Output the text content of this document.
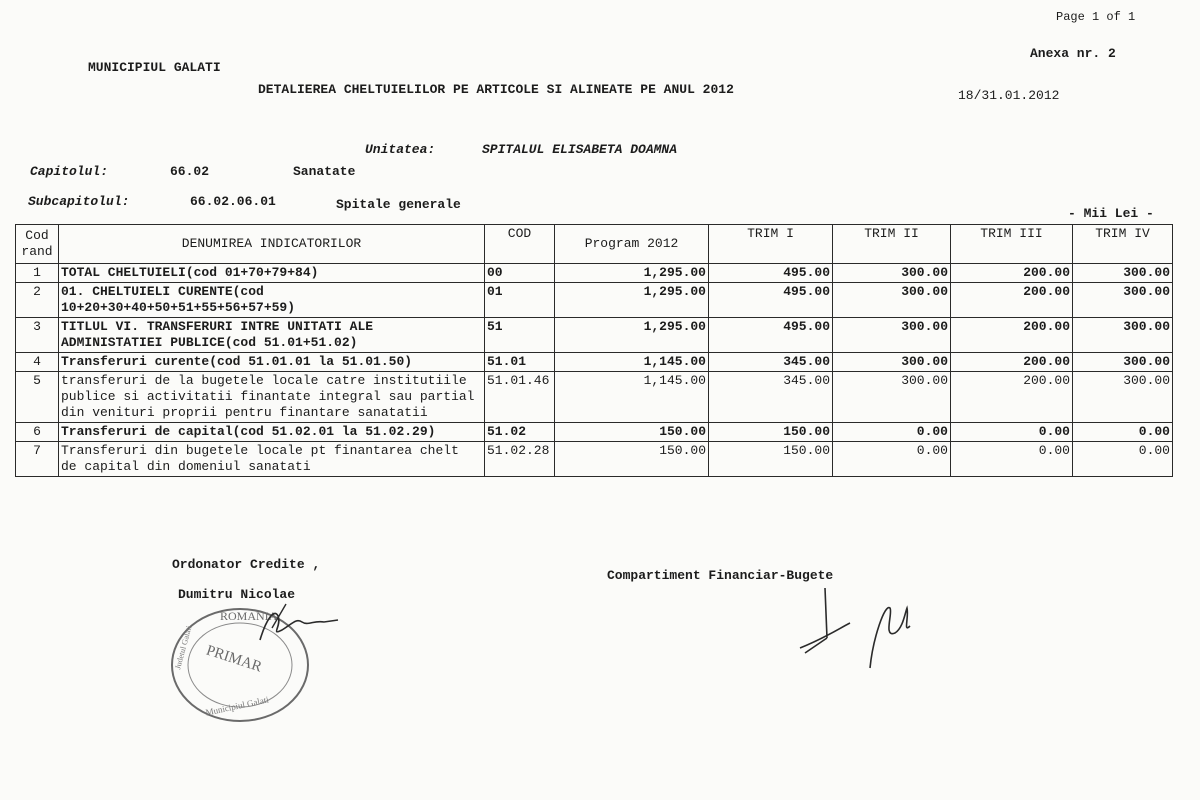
Page 1 of 1
Anexa nr. 2
MUNICIPIUL GALATI
DETALIEREA CHELTUIELILOR PE ARTICOLE SI ALINEATE PE ANUL 2012	18/31.01.2012
Unitatea:	SPITALUL ELISABETA DOAMNA
Capitolul:	66.02	Sanatate
Subcapitolul:	66.02.06.01	Spitale generale
- Mii Lei -
Cod rand	DENUMIREA INDICATORILOR	COD	Program 2012	TRIM I	TRIM II	TRIM III	TRIM IV
1	TOTAL CHELTUIELI(cod 01+70+79+84)	00	1,295.00	495.00	300.00	200.00	300.00
2	01. CHELTUIELI CURENTE(cod 10+20+30+40+50+51+55+56+57+59)	01	1,295.00	495.00	300.00	200.00	300.00
3	TITLUL VI. TRANSFERURI INTRE UNITATI ALE ADMINISTATIEI PUBLICE(cod 51.01+51.02)	51	1,295.00	495.00	300.00	200.00	300.00
4	Transferuri curente(cod 51.01.01 la 51.01.50)	51.01	1,145.00	345.00	300.00	200.00	300.00
5	transferuri de la bugetele locale catre institutiile publice si activitatii finantate integral sau partial din venituri proprii pentru finantare sanatatii	51.01.46	1,145.00	345.00	300.00	200.00	300.00
6	Transferuri de capital(cod 51.02.01 la 51.02.29)	51.02	150.00	150.00	0.00	0.00	0.00
7	Transferuri din bugetele locale pt finantarea chelt de capital din domeniul sanatati	51.02.28	150.00	150.00	0.00	0.00	0.00
Ordonator Credite ,
Dumitru Nicolae
Compartiment Financiar-Bugete
ROMANIA
PRIMAR
Judetul Galati
Municipiul Galati
